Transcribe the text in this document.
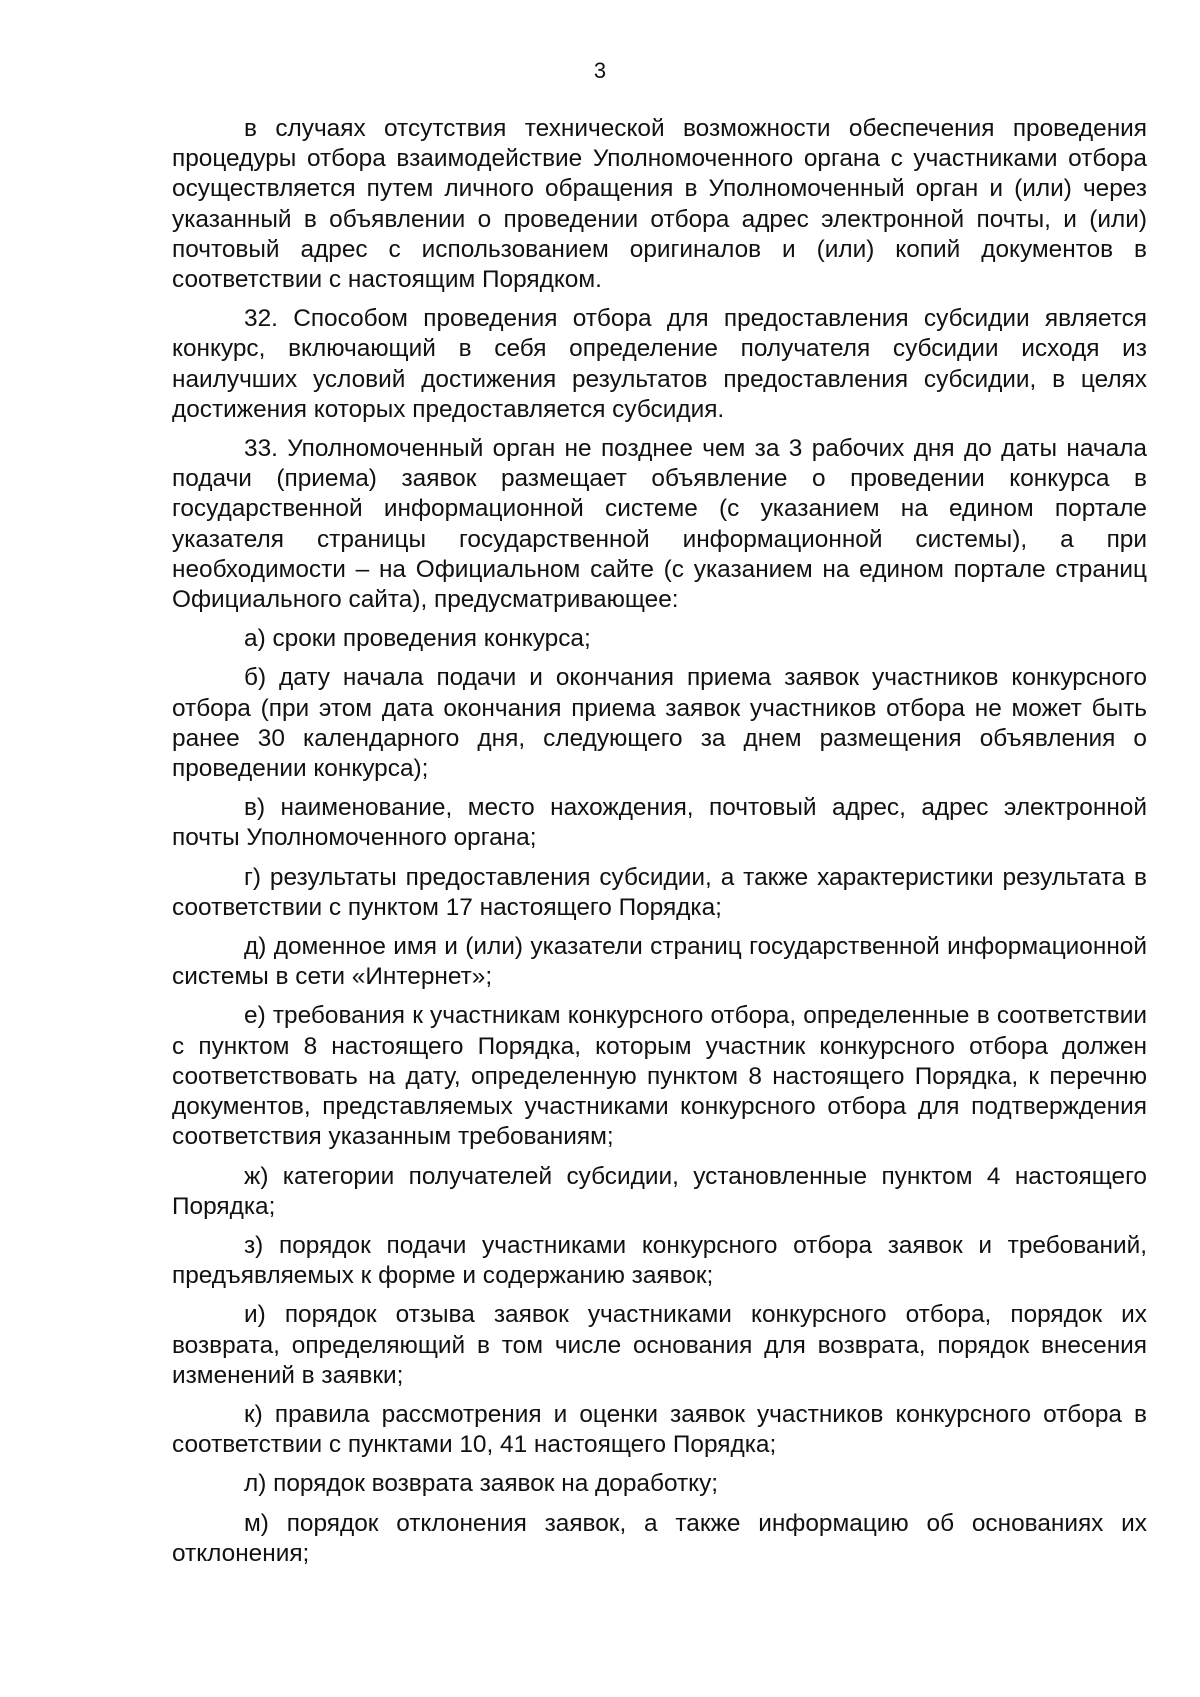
3

в случаях отсутствия технической возможности обеспечения проведения процедуры отбора взаимодействие Уполномоченного органа с участниками отбора осуществляется путем личного обращения в Уполномоченный орган и (или) через указанный в объявлении о проведении отбора адрес электронной почты, и (или) почтовый адрес с использованием оригиналов и (или) копий документов в соответствии с настоящим Порядком.

32. Способом проведения отбора для предоставления субсидии является конкурс, включающий в себя определение получателя субсидии исходя из наилучших условий достижения результатов предоставления субсидии, в целях достижения которых предоставляется субсидия.

33. Уполномоченный орган не позднее чем за 3 рабочих дня до даты начала подачи (приема) заявок размещает объявление о проведении конкурса в государственной информационной системе (с указанием на едином портале указателя страницы государственной информационной системы), а при необходимости – на Официальном сайте (с указанием на едином портале страниц Официального сайта), предусматривающее:

а) сроки проведения конкурса;

б) дату начала подачи и окончания приема заявок участников конкурсного отбора (при этом дата окончания приема заявок участников отбора не может быть ранее 30 календарного дня, следующего за днем размещения объявления о проведении конкурса);

в) наименование, место нахождения, почтовый адрес, адрес электронной почты Уполномоченного органа;

г) результаты предоставления субсидии, а также характеристики результата в соответствии с пунктом 17 настоящего Порядка;

д) доменное имя и (или) указатели страниц государственной информационной системы в сети «Интернет»;

е) требования к участникам конкурсного отбора, определенные в соответствии с пунктом 8 настоящего Порядка, которым участник конкурсного отбора должен соответствовать на дату, определенную пунктом 8 настоящего Порядка, к перечню документов, представляемых участниками конкурсного отбора для подтверждения соответствия указанным требованиям;

ж) категории получателей субсидии, установленные пунктом 4 настоящего Порядка;

з) порядок подачи участниками конкурсного отбора заявок и требований, предъявляемых к форме и содержанию заявок;

и) порядок отзыва заявок участниками конкурсного отбора, порядок их возврата, определяющий в том числе основания для возврата, порядок внесения изменений в заявки;

к) правила рассмотрения и оценки заявок участников конкурсного отбора в соответствии с пунктами 10, 41 настоящего Порядка;

л) порядок возврата заявок на доработку;

м) порядок отклонения заявок, а также информацию об основаниях их отклонения;
